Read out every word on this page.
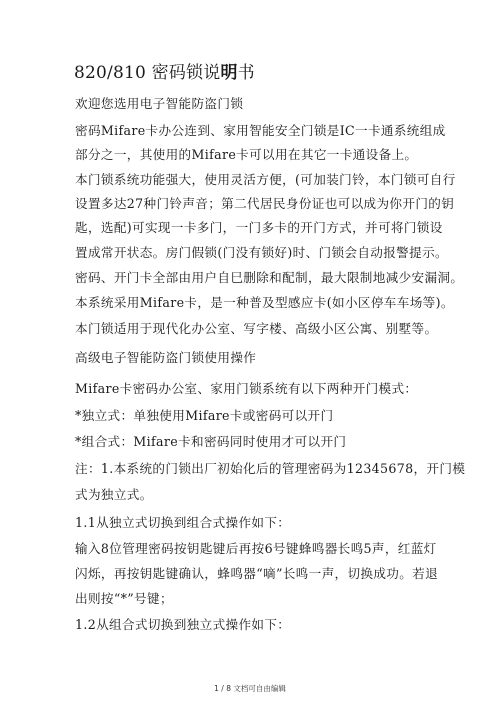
820/810 密码锁说明书
欢迎您选用电子智能防盗门锁
密码Mifare卡办公连到、家用智能安全门锁是IC一卡通系统组成
部分之一，其使用的Mifare卡可以用在其它一卡通设备上。
本门锁系统功能强大，使用灵活方便，(可加装门铃，本门锁可自行
设置多达27种门铃声音；第二代居民身份证也可以成为你开门的钥
匙，选配)可实现一卡多门，一门多卡的开门方式，并可将门锁设
置成常开状态。房门假锁(门没有锁好)时、门锁会自动报警提示。
密码、开门卡全部由用户自巳删除和配制，最大限制地减少安漏洞。
本系统采用Mifare卡，是一种普及型感应卡(如小区停车车场等)。
本门锁适用于现代化办公室、写字楼、高级小区公寓、别墅等。
高级电子智能防盗门锁使用操作
Mifare卡密码办公室、家用门锁系统有以下两种开门模式：
*独立式：单独使用Mifare卡或密码可以开门
*组合式：Mifare卡和密码同时使用才可以开门
注：1.本系统的门锁出厂初始化后的管理密码为12345678，开门模
式为独立式。
1.1从独立式切换到组合式操作如下：
输入8位管理密码按钥匙键后再按6号键蜂鸣器长鸣5声，红蓝灯
闪烁，再按钥匙键确认，蜂鸣器“嘀”长鸣一声，切换成功。若退
出则按“*”号键；
1.2从组合式切换到独立式操作如下：
1 / 8 文档可自由编辑
